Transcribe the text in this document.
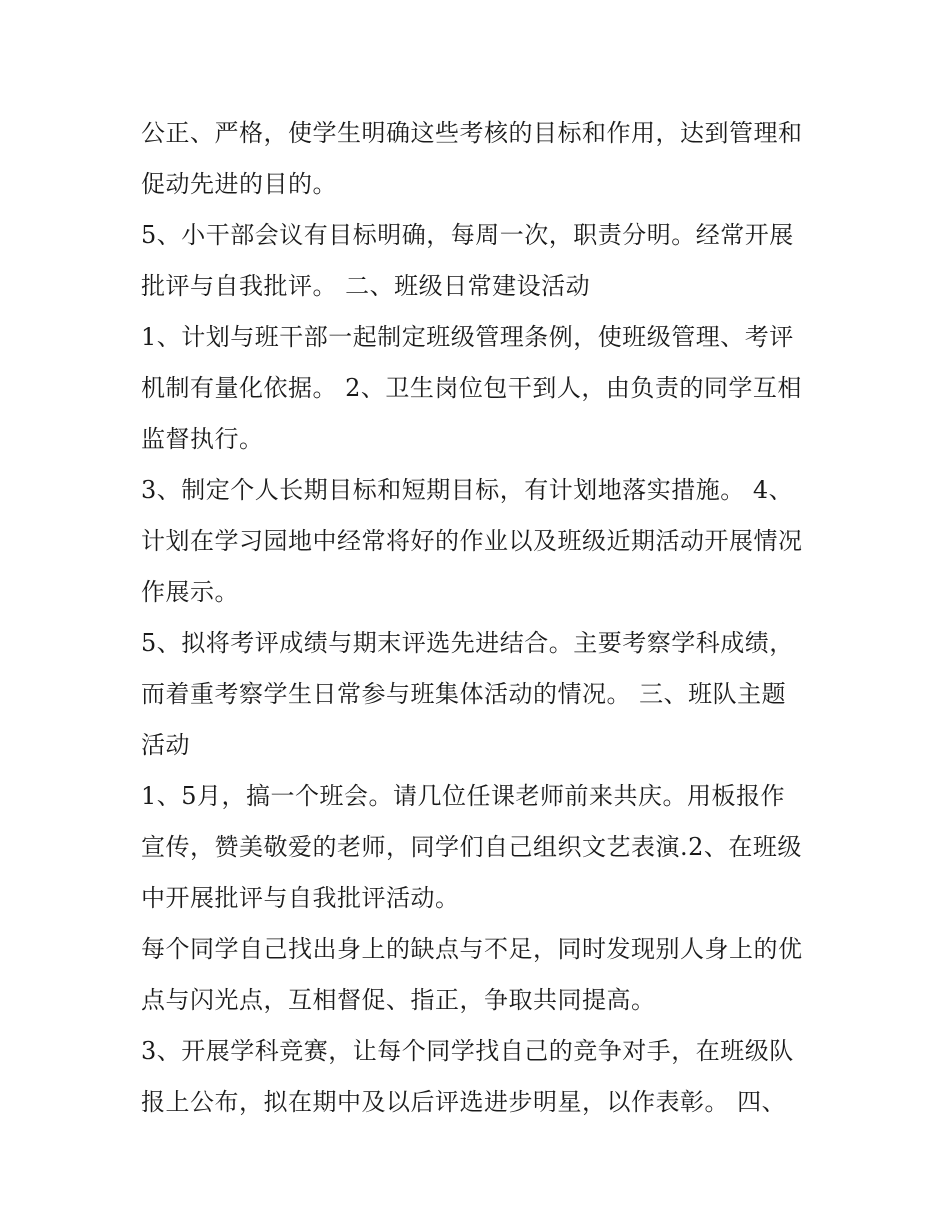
公正、严格，使学生明确这些考核的目标和作用，达到管理和
促动先进的目的。
5、小干部会议有目标明确，每周一次，职责分明。经常开展
批评与自我批评。 二、班级日常建设活动
1、计划与班干部一起制定班级管理条例，使班级管理、考评
机制有量化依据。 2、卫生岗位包干到人，由负责的同学互相
监督执行。
3、制定个人长期目标和短期目标，有计划地落实措施。 4、
计划在学习园地中经常将好的作业以及班级近期活动开展情况
作展示。
5、拟将考评成绩与期末评选先进结合。主要考察学科成绩，
而着重考察学生日常参与班集体活动的情况。 三、班队主题
活动
1、5月，搞一个班会。请几位任课老师前来共庆。用板报作
宣传，赞美敬爱的老师，同学们自己组织文艺表演.2、在班级
中开展批评与自我批评活动。
每个同学自己找出身上的缺点与不足，同时发现别人身上的优
点与闪光点，互相督促、指正，争取共同提高。
3、开展学科竞赛，让每个同学找自己的竞争对手，在班级队
报上公布，拟在期中及以后评选进步明星，以作表彰。 四、
